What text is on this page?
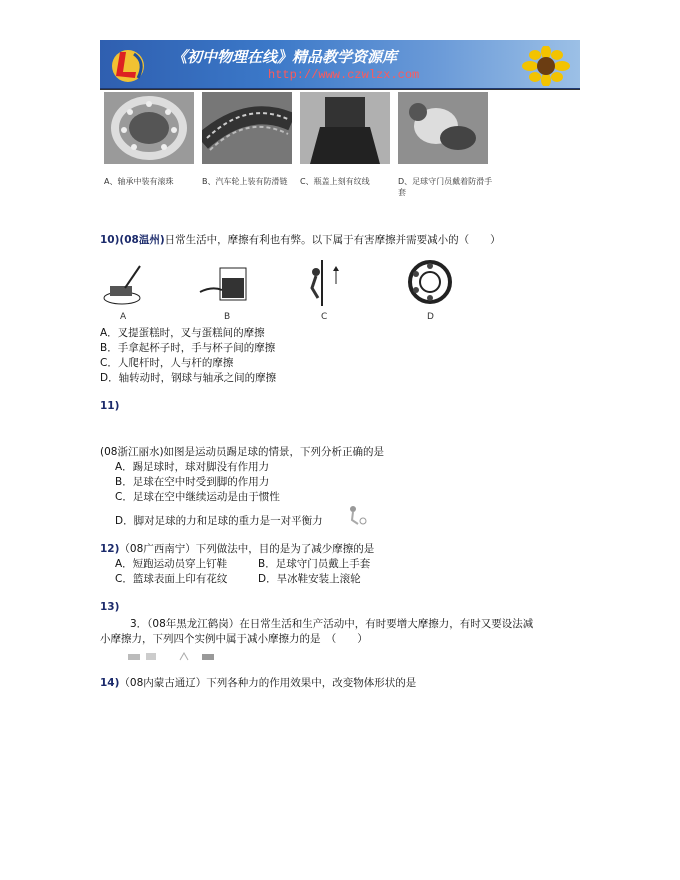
《初中物理在线》精品教学资源库
http://www.czwlzx.com
A、轴承中装有滚珠	B、汽车轮上装有防滑链	C、瓶盖上刻有纹线	D、足球守门员戴着防滑手套
10)(08温州)日常生活中，摩擦有利也有弊。以下属于有害摩擦并需要减小的（　　）
A	B	C	D
A．叉提蛋糕时，叉与蛋糕间的摩擦
B．手拿起杯子时，手与杯子间的摩擦
C．人爬杆时，人与杆的摩擦
D．轴转动时，钢球与轴承之间的摩擦
11)
(08浙江丽水)如图是运动员踢足球的情景，下列分析正确的是
A．踢足球时，球对脚没有作用力
B．足球在空中时受到脚的作用力
C．足球在空中继续运动是由于惯性
D．脚对足球的力和足球的重力是一对平衡力
12)（08广西南宁）下列做法中，目的是为了减少摩擦的是
A．短跑运动员穿上钉鞋	B．足球守门员戴上手套
C．篮球表面上印有花纹	D．旱冰鞋安装上滚轮
13)
3．（08年黑龙江鹤岗）在日常生活和生产活动中，有时要增大摩擦力，有时又要设法减
小摩擦力，下列四个实例中属于减小摩擦力的是　（　　）
14)（08内蒙古通辽）下列各种力的作用效果中，改变物体形状的是
